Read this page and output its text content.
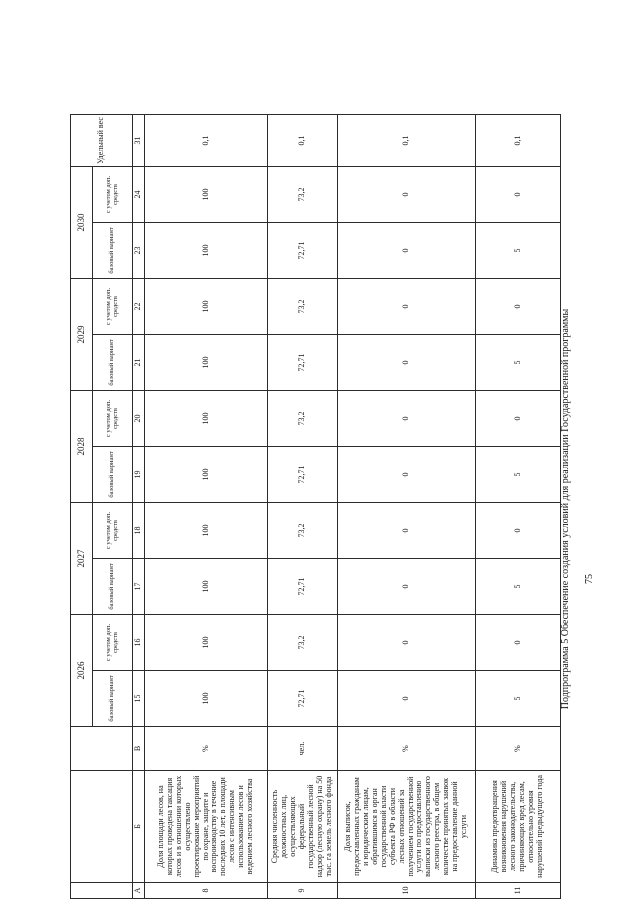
			2026		2027		2028		2029		2030		Удельный вес
			базовый вариант	с учетом доп. средств	базовый вариант	с учетом доп. средств	базовый вариант	с учетом доп. средств	базовый вариант	с учетом доп. средств	базовый вариант	с учетом доп. средств	
А	Б	В	15	16	17	18	19	20	21	22	23	24	31
8	Доля площади лесов, на которых проведена таксация лесов и в отношении которых осуществлено проектирование мероприятий по охране, защите и воспроизводству в течение последних 10 лет, в площади лесов с интенсивным использованием лесов и ведением лесного хозяйства	%	100	100	100	100	100	100	100	100	100	100	0,1
9	Средняя численность должностных лиц, осуществляющих федеральный государственный лесной надзор (лесную охрану) на 50 тыс. га земель лесного фонда	чел.	72,71	73,2	72,71	73,2	72,71	73,2	72,71	73,2	72,71	73,2	0,1
10	Доля выписок, предоставленных гражданам и юридическим лицам, обратившимся в орган государственной власти субъекта РФ в области лесных отношений за получением государственной услуги по предоставлению выписки из государственного лесного реестра, в общем количестве принятых заявок на предоставление данной услуги	%	0	0	0	0	0	0	0	0	0	0	0,1
11	Динамика предотвращения возникновения нарушений лесного законодательства, причиняющих вред лесам, относительно уровня нарушений предыдущего года	%	5	0	5	0	5	0	5	0	5	0	0,1
Подпрограмма 5 Обеспечение создания условий для реализации Государственной программы 75
